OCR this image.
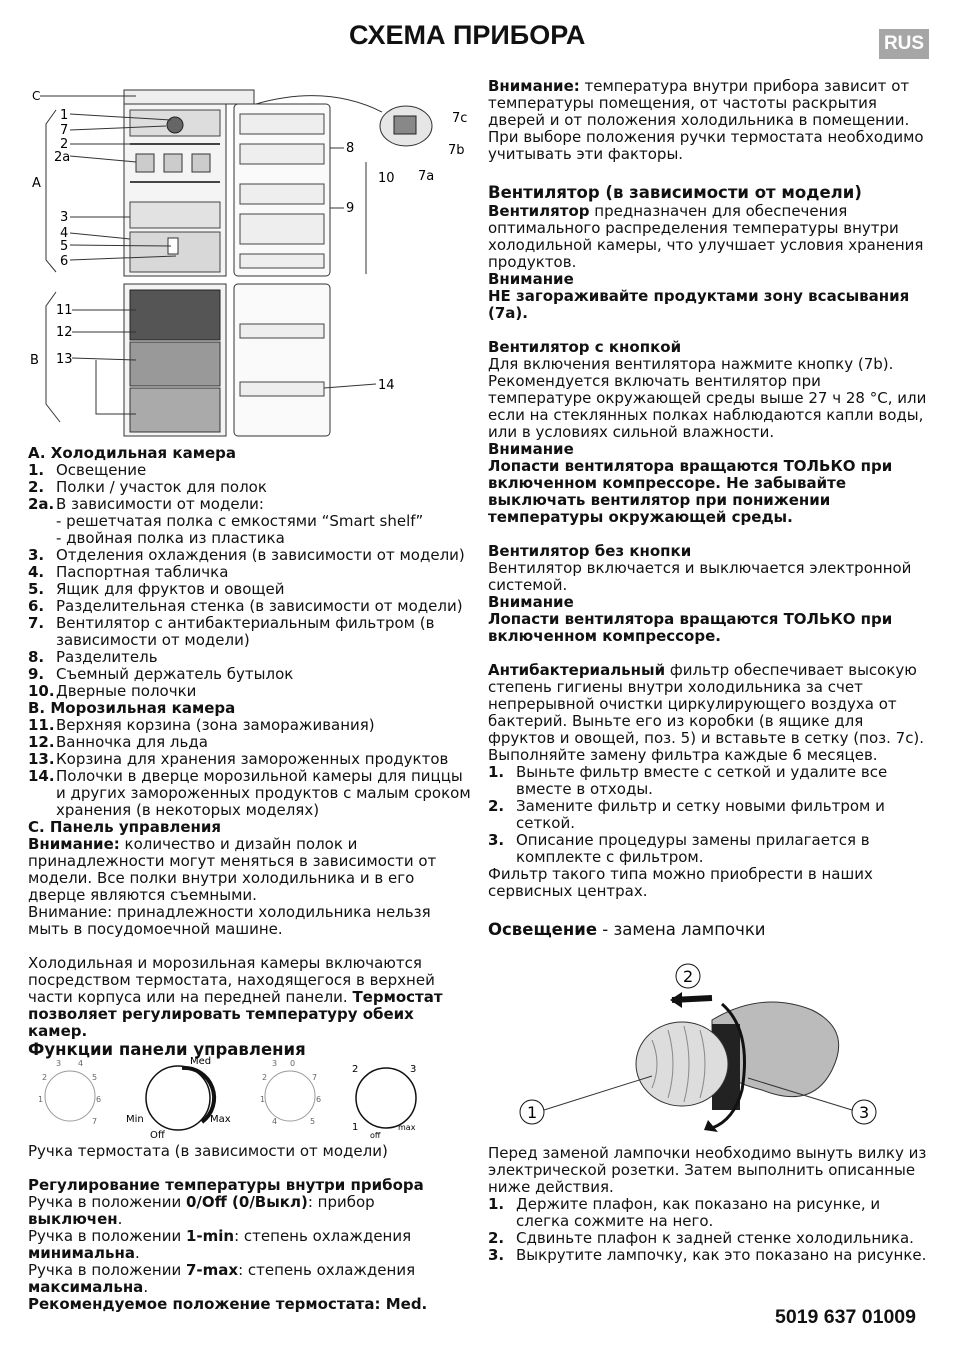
СХЕМА ПРИБОРА	RUS
C
1
7
2
2a
A
3
4
5
6
11
12
B 13
8
9
10
14
7c
7b
7a

A. Холодильная камера

1. Освещение
2. Полки / участок для полок
2a. В зависимости от модели:
- решетчатая полка с емкостями “Smart shelf”
- двойная полка из пластика
3. Отделения охлаждения (в зависимости от модели)
4. Паспортная табличка
5. Ящик для фруктов и овощей
6. Разделительная стенка (в зависимости от модели)
7. Вентилятор с антибактериальным фильтром (в зависимости от модели)
8. Разделитель
9. Съемный держатель бутылок
10. Дверные полочки

B. Морозильная камера

11. Верхняя корзина (зона замораживания)
12. Ванночка для льда
13. Корзина для хранения замороженных продуктов
14. Полочки в дверце морозильной камеры для пиццы и других замороженных продуктов с малым сроком хранения (в некоторых моделях)

C. Панель управления

Внимание: количество и дизайн полок и принадлежности могут меняться в зависимости от модели. Все полки внутри холодильника и в его дверце являются съемными.

Внимание: принадлежности холодильника нельзя мыть в посудомоечной машине.

Холодильная и морозильная камеры включаются посредством термостата, находящегося в верхней части корпуса или на передней панели. Термостат позволяет регулировать температуру обеих камер.

Функции панели управления

1
2
3 4
5
6
7
Med
Min	Max
Off
1
2
3 0
7
6
5
4
2	3
1
off
max

Ручка термостата (в зависимости от модели)

Регулирование температуры внутри прибора

Ручка в положении 0/Off (0/Выкл): прибор выключен.

Ручка в положении 1-min: степень охлаждения минимальна.

Ручка в положении 7-max: степень охлаждения максимальна.

Рекомендуемое положение термостата: Med.

Внимание: температура внутри прибора зависит от температуры помещения, от частоты раскрытия дверей и от положения холодильника в помещении. При выборе положения ручки термостата необходимо учитывать эти факторы.

Вентилятор (в зависимости от модели)

Вентилятор предназначен для обеспечения оптимального распределения температуры внутри холодильной камеры, что улучшает условия хранения продуктов.

Внимание

НЕ загораживайте продуктами зону всасывания (7a).

Вентилятор с кнопкой

Для включения вентилятора нажмите кнопку (7b). Рекомендуется включать вентилятор при температуре окружающей среды выше 27 ч 28 °C, или если на стеклянных полках наблюдаются капли воды, или в условиях сильной влажности.

Внимание

Лопасти вентилятора вращаются ТОЛЬКО при включенном компрессоре. Не забывайте выключать вентилятор при понижении температуры окружающей среды.

Вентилятор без кнопки

Вентилятор включается и выключается электронной системой.

Внимание

Лопасти вентилятора вращаются ТОЛЬКО при включенном компрессоре.

Антибактериальный фильтр обеспечивает высокую степень гигиены внутри холодильника за счет непрерывной очистки циркулирующего воздуха от бактерий. Выньте его из коробки (в ящике для фруктов и овощей, поз. 5) и вставьте в сетку (поз. 7c).

Выполняйте замену фильтра каждые 6 месяцев.

1. Выньте фильтр вместе с сеткой и удалите все вместе в отходы.
2. Замените фильтр и сетку новыми фильтром и сеткой.
3. Описание процедуры замены прилагается в комплекте с фильтром.

Фильтр такого типа можно приобрести в наших сервисных центрах.

Освещение - замена лампочки

2
1	3

Перед заменой лампочки необходимо вынуть вилку из электрической розетки. Затем выполнить описанные ниже действия.

1. Держите плафон, как показано на рисунке, и слегка сожмите на него.
2. Сдвиньте плафон к задней стенке холодильника.
3. Выкрутите лампочку, как это показано на рисунке.
5019 637 01009
